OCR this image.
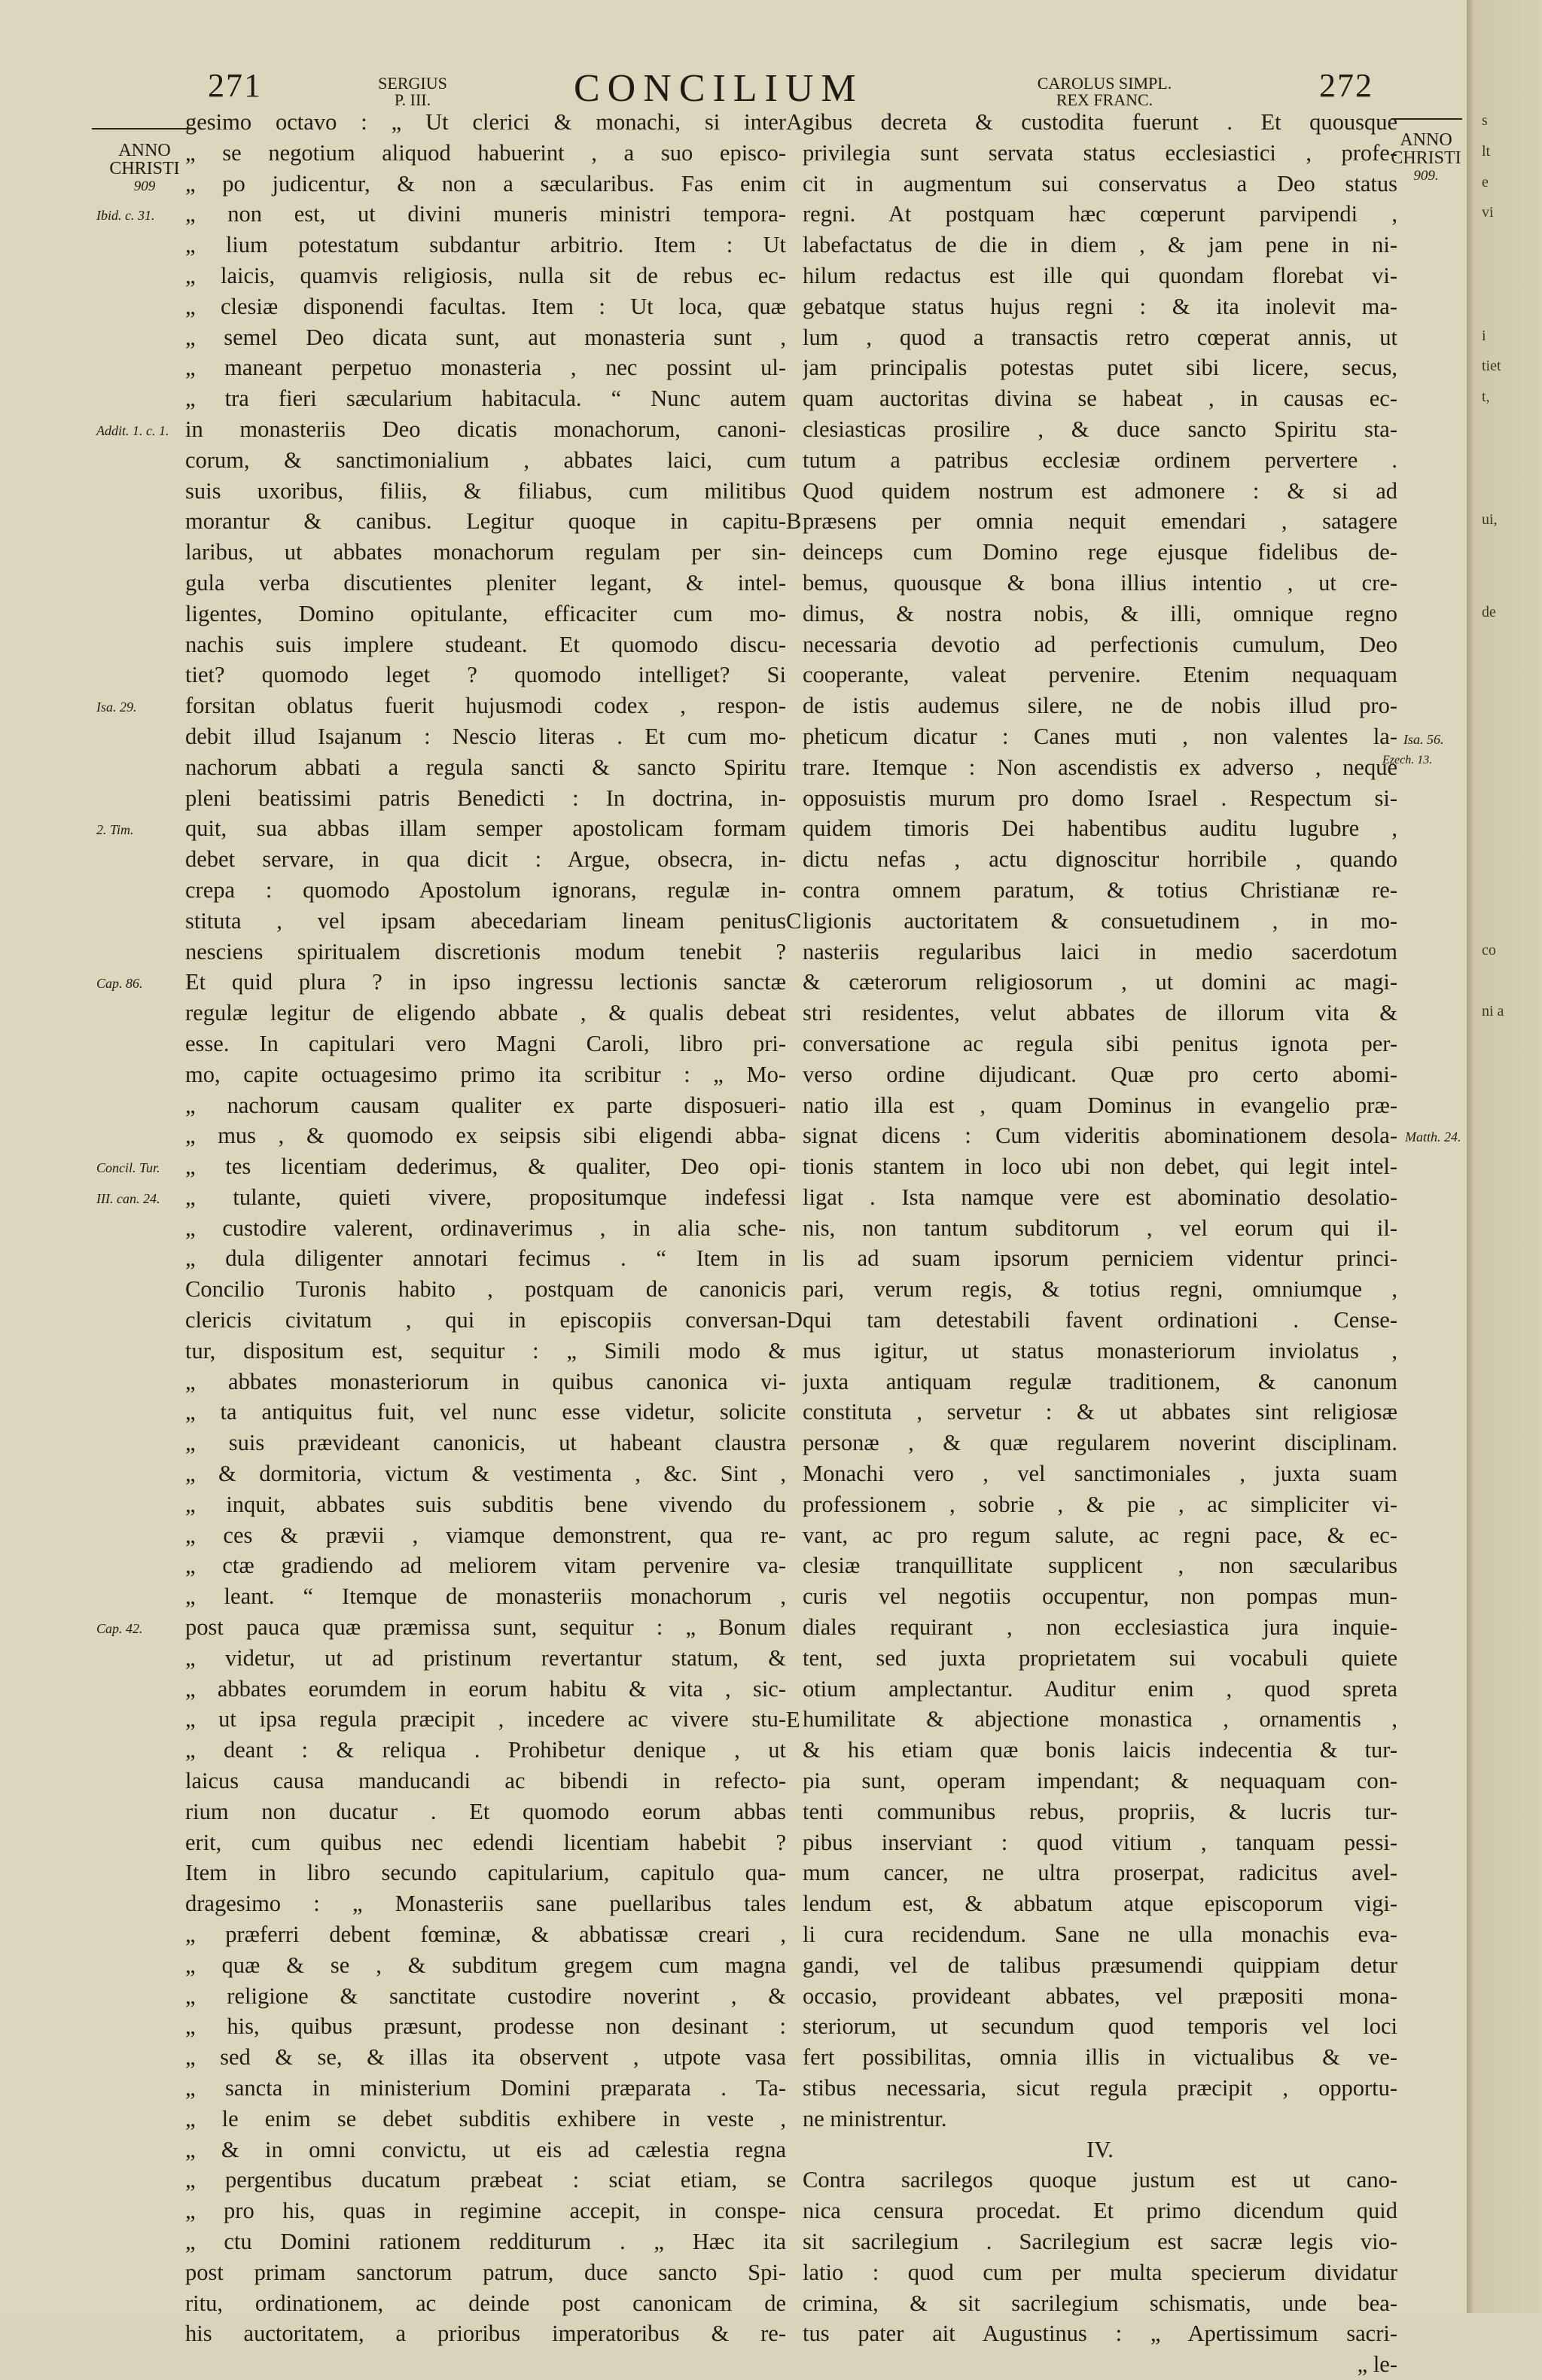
271	SERGIUS
P. III.	CONCILIUM	CAROLUS SIMPL.
REX FRANC.	272
ANNO
CHRISTI
909
ANNO
CHRISTI
909.
Ibid. c. 31.
Addit. 1. c. 1.
Isa. 29.
2. Tim.
Cap. 86.
Concil. Tur.
III. can. 24.
Cap. 42.
A
B
C
D
E
Isa. 56.
Ezech. 13.
Matth. 24.
gesimo octavo : „ Ut clerici & monachi, si inter
„ se negotium aliquod habuerint , a suo episco-
„ po judicentur, & non a sæcularibus. Fas enim
„ non est, ut divini muneris ministri tempora-
„ lium potestatum subdantur arbitrio. Item : Ut
„ laicis, quamvis religiosis, nulla sit de rebus ec-
„ clesiæ disponendi facultas. Item : Ut loca, quæ
„ semel Deo dicata sunt, aut monasteria sunt ,
„ maneant perpetuo monasteria , nec possint ul-
„ tra fieri sæcularium habitacula. “ Nunc autem
in monasteriis Deo dicatis monachorum, canoni-
corum, & sanctimonialium , abbates laici, cum
suis uxoribus, filiis, & filiabus, cum militibus
morantur & canibus. Legitur quoque in capitu-
laribus, ut abbates monachorum regulam per sin-
gula verba discutientes pleniter legant, & intel-
ligentes, Domino opitulante, efficaciter cum mo-
nachis suis implere studeant. Et quomodo discu-
tiet? quomodo leget ? quomodo intelliget? Si
forsitan oblatus fuerit hujusmodi codex , respon-
debit illud Isajanum : Nescio literas . Et cum mo-
nachorum abbati a regula sancti & sancto Spiritu
pleni beatissimi patris Benedicti : In doctrina, in-
quit, sua abbas illam semper apostolicam formam
debet servare, in qua dicit : Argue, obsecra, in-
crepa : quomodo Apostolum ignorans, regulæ in-
stituta , vel ipsam abecedariam lineam penitus
nesciens spiritualem discretionis modum tenebit ?
Et quid plura ? in ipso ingressu lectionis sanctæ
regulæ legitur de eligendo abbate , & qualis debeat
esse. In capitulari vero Magni Caroli, libro pri-
mo, capite octuagesimo primo ita scribitur : „ Mo-
„ nachorum causam qualiter ex parte disposueri-
„ mus , & quomodo ex seipsis sibi eligendi abba-
„ tes licentiam dederimus, & qualiter, Deo opi-
„ tulante, quieti vivere, propositumque indefessi
„ custodire valerent, ordinaverimus , in alia sche-
„ dula diligenter annotari fecimus . “ Item in
Concilio Turonis habito , postquam de canonicis
clericis civitatum , qui in episcopiis conversan-
tur, dispositum est, sequitur : „ Simili modo &
„ abbates monasteriorum in quibus canonica vi-
„ ta antiquitus fuit, vel nunc esse videtur, solicite
„ suis prævideant canonicis, ut habeant claustra
„ & dormitoria, victum & vestimenta , &c. Sint ,
„ inquit, abbates suis subditis bene vivendo du
„ ces & prævii , viamque demonstrent, qua re-
„ ctæ gradiendo ad meliorem vitam pervenire va-
„ leant. “ Itemque de monasteriis monachorum ,
post pauca quæ præmissa sunt, sequitur : „ Bonum
„ videtur, ut ad pristinum revertantur statum, &
„ abbates eorumdem in eorum habitu & vita , sic-
„ ut ipsa regula præcipit , incedere ac vivere stu-
„ deant : & reliqua . Prohibetur denique , ut
laicus causa manducandi ac bibendi in refecto-
rium non ducatur . Et quomodo eorum abbas
erit, cum quibus nec edendi licentiam habebit ?
Item in libro secundo capitularium, capitulo qua-
dragesimo : „ Monasteriis sane puellaribus tales
„ præferri debent fœminæ, & abbatissæ creari ,
„ quæ & se , & subditum gregem cum magna
„ religione & sanctitate custodire noverint , &
„ his, quibus præsunt, prodesse non desinant :
„ sed & se, & illas ita observent , utpote vasa
„ sancta in ministerium Domini præparata . Ta-
„ le enim se debet subditis exhibere in veste ,
„ & in omni convictu, ut eis ad cælestia regna
„ pergentibus ducatum præbeat : sciat etiam, se
„ pro his, quas in regimine accepit, in conspe-
„ ctu Domini rationem redditurum . „ Hæc ita
post primam sanctorum patrum, duce sancto Spi-
ritu, ordinationem, ac deinde post canonicam de
his auctoritatem, a prioribus imperatoribus & re-
gibus decreta & custodita fuerunt . Et quousque
privilegia sunt servata status ecclesiastici , profe-
cit in augmentum sui conservatus a Deo status
regni. At postquam hæc cœperunt parvipendi ,
labefactatus de die in diem , & jam pene in ni-
hilum redactus est ille qui quondam florebat vi-
gebatque status hujus regni : & ita inolevit ma-
lum , quod a transactis retro cœperat annis, ut
jam principalis potestas putet sibi licere, secus,
quam auctoritas divina se habeat , in causas ec-
clesiasticas prosilire , & duce sancto Spiritu sta-
tutum a patribus ecclesiæ ordinem pervertere .
Quod quidem nostrum est admonere : & si ad
præsens per omnia nequit emendari , satagere
deinceps cum Domino rege ejusque fidelibus de-
bemus, quousque & bona illius intentio , ut cre-
dimus, & nostra nobis, & illi, omnique regno
necessaria devotio ad perfectionis cumulum, Deo
cooperante, valeat pervenire. Etenim nequaquam
de istis audemus silere, ne de nobis illud pro-
pheticum dicatur : Canes muti , non valentes la-
trare. Itemque : Non ascendistis ex adverso , neque
opposuistis murum pro domo Israel . Respectum si-
quidem timoris Dei habentibus auditu lugubre ,
dictu nefas , actu dignoscitur horribile , quando
contra omnem paratum, & totius Christianæ re-
ligionis auctoritatem & consuetudinem , in mo-
nasteriis regularibus laici in medio sacerdotum
& cæterorum religiosorum , ut domini ac magi-
stri residentes, velut abbates de illorum vita &
conversatione ac regula sibi penitus ignota per-
verso ordine dijudicant. Quæ pro certo abomi-
natio illa est , quam Dominus in evangelio præ-
signat dicens : Cum videritis abominationem desola-
tionis stantem in loco ubi non debet, qui legit intel-
ligat . Ista namque vere est abominatio desolatio-
nis, non tantum subditorum , vel eorum qui il-
lis ad suam ipsorum perniciem videntur princi-
pari, verum regis, & totius regni, omniumque ,
qui tam detestabili favent ordinationi . Cense-
mus igitur, ut status monasteriorum inviolatus ,
juxta antiquam regulæ traditionem, & canonum
constituta , servetur : & ut abbates sint religiosæ
personæ , & quæ regularem noverint disciplinam.
Monachi vero , vel sanctimoniales , juxta suam
professionem , sobrie , & pie , ac simpliciter vi-
vant, ac pro regum salute, ac regni pace, & ec-
clesiæ tranquillitate supplicent , non sæcularibus
curis vel negotiis occupentur, non pompas mun-
diales requirant , non ecclesiastica jura inquie-
tent, sed juxta proprietatem sui vocabuli quiete
otium amplectantur. Auditur enim , quod spreta
humilitate & abjectione monastica , ornamentis ,
& his etiam quæ bonis laicis indecentia & tur-
pia sunt, operam impendant; & nequaquam con-
tenti communibus rebus, propriis, & lucris tur-
pibus inserviant : quod vitium , tanquam pessi-
mum cancer, ne ultra proserpat, radicitus avel-
lendum est, & abbatum atque episcoporum vigi-
li cura recidendum. Sane ne ulla monachis eva-
gandi, vel de talibus præsumendi quippiam detur
occasio, provideant abbates, vel præpositi mona-
steriorum, ut secundum quod temporis vel loci
fert possibilitas, omnia illis in victualibus & ve-
stibus necessaria, sicut regula præcipit , opportu-
ne ministrentur.
IV.
Contra sacrilegos quoque justum est ut cano-
nica censura procedat. Et primo dicendum quid
sit sacrilegium . Sacrilegium est sacræ legis vio-
latio : quod cum per multa specierum dividatur
crimina, & sit sacrilegium schismatis, unde bea-
tus pater ait Augustinus : „ Apertissimum sacri-
„ le-
s
lt
e
vi
i
tiet
t,
ui,
de
co
ni a
